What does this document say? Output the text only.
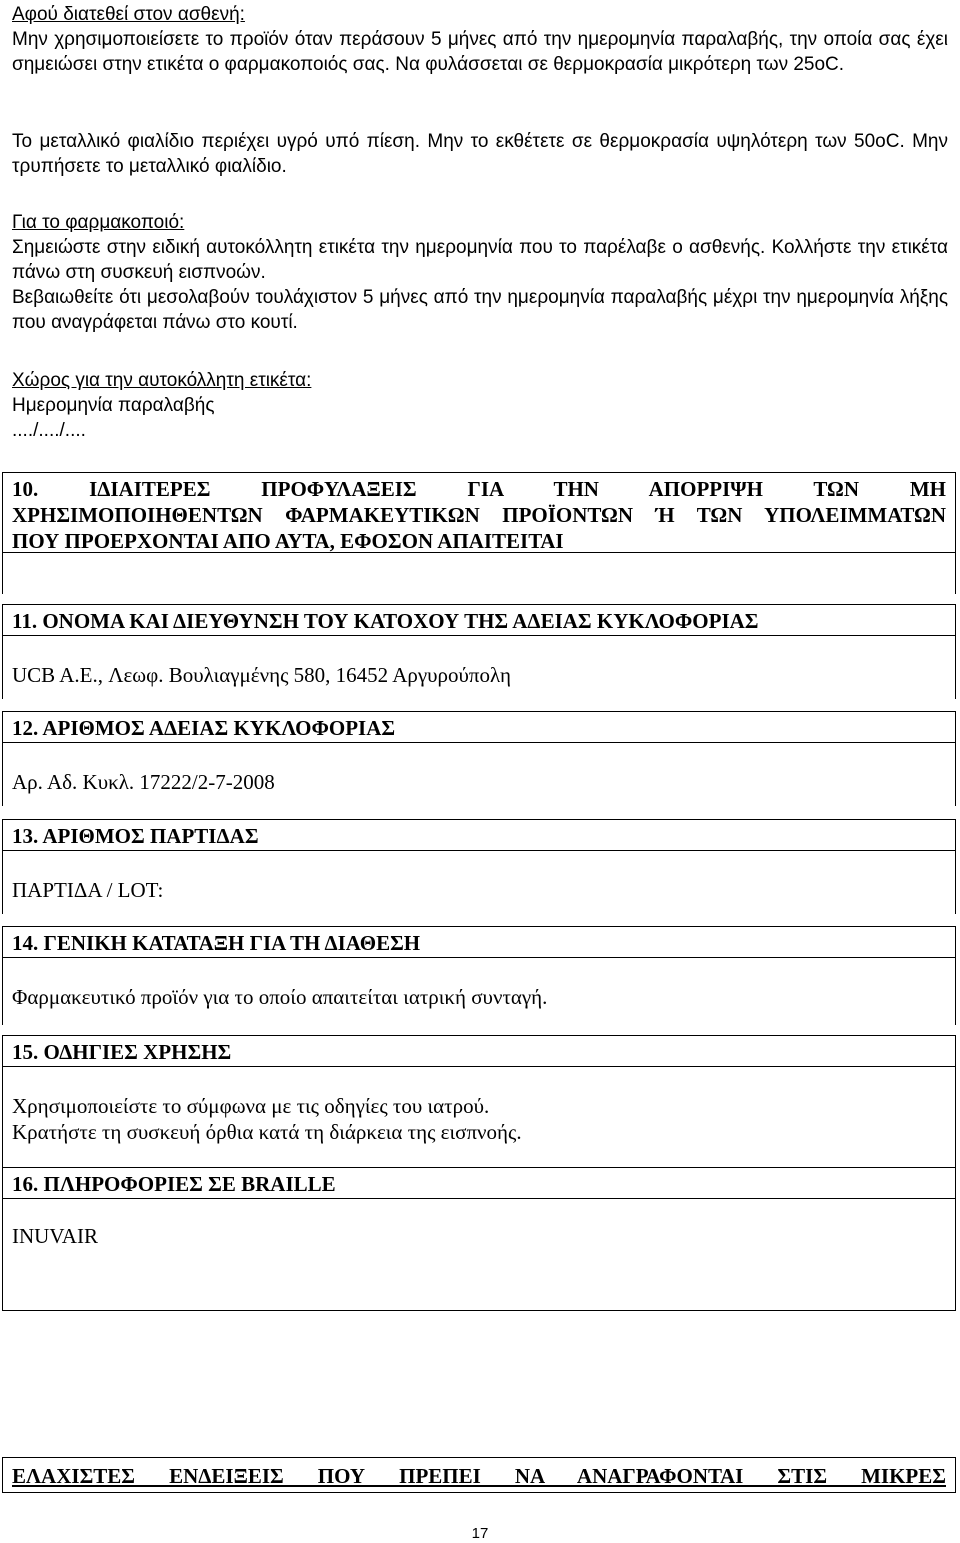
Αφού διατεθεί στον ασθενή:

Μην χρησιμοποιείσετε το προϊόν όταν περάσουν 5 μήνες από την ημερομηνία παραλαβής, την οποία σας έχει σημειώσει στην ετικέτα ο φαρμακοποιός σας. Να φυλάσσεται σε θερμοκρασία μικρότερη των 25oC.

Το μεταλλικό φιαλίδιο περιέχει υγρό υπό πίεση. Μην το εκθέτετε σε θερμοκρασία υψηλότερη των 50oC. Μην τρυπήσετε το μεταλλικό φιαλίδιο.

Για το φαρμακοποιό:

Σημειώστε στην ειδική αυτοκόλλητη ετικέτα την ημερομηνία που το παρέλαβε ο ασθενής. Κολλήστε την ετικέτα πάνω στη συσκευή εισπνοών.

Βεβαιωθείτε ότι μεσολαβούν τουλάχιστον 5 μήνες από την ημερομηνία παραλαβής μέχρι την ημερομηνία λήξης που αναγράφεται πάνω στο κουτί.

Χώρος για την αυτοκόλλητη ετικέτα:

Ημερομηνία παραλαβής

..../..../....

10. ΙΔΙΑΙΤΕΡΕΣ ΠΡΟΦΥΛΑΞΕΙΣ ΓΙΑ ΤΗΝ ΑΠΟΡΡΙΨΗ ΤΩΝ ΜΗ

ΧΡΗΣΙΜΟΠΟΙΗΘΕΝΤΩΝ ΦΑΡΜΑΚΕΥΤΙΚΩΝ ΠΡΟΪΟΝΤΩΝ Ή ΤΩΝ ΥΠΟΛΕΙΜΜΑΤΩΝ

ΠΟΥ ΠΡΟΕΡΧΟΝΤΑΙ ΑΠΟ ΑΥΤΑ, ΕΦΟΣΟΝ ΑΠΑΙΤΕΙΤΑΙ

11. ΟΝΟΜΑ ΚΑΙ ΔΙΕΥΘΥΝΣΗ ΤΟΥ ΚΑΤΟΧΟΥ ΤΗΣ ΑΔΕΙΑΣ ΚΥΚΛΟΦΟΡΙΑΣ

UCB A.E., Λεωφ. Βουλιαγμένης 580, 16452 Αργυρούπολη

12. ΑΡΙΘΜΟΣ ΑΔΕΙΑΣ ΚΥΚΛΟΦΟΡΙΑΣ

Αρ. Αδ. Κυκλ. 17222/2-7-2008

13. ΑΡΙΘΜΟΣ ΠΑΡΤΙΔΑΣ

ΠΑΡΤΙΔΑ / LOT:

14. ΓΕΝΙΚΗ ΚΑΤΑΤΑΞΗ ΓΙΑ ΤΗ ΔΙΑΘΕΣΗ

Φαρμακευτικό προϊόν για το οποίο απαιτείται ιατρική συνταγή.

15. ΟΔΗΓΙΕΣ ΧΡΗΣΗΣ

Χρησιμοποιείστε το σύμφωνα με τις οδηγίες του ιατρού.

Κρατήστε τη συσκευή όρθια κατά τη διάρκεια της εισπνοής.

16. ΠΛΗΡΟΦΟΡΙΕΣ ΣΕ BRAILLE

INUVAIR

ΕΛΑΧΙΣΤΕΣ ΕΝΔΕΙΞΕΙΣ ΠΟΥ ΠΡΕΠΕΙ ΝΑ ΑΝΑΓΡΑΦΟΝΤΑΙ ΣΤΙΣ ΜΙΚΡΕΣ

17
